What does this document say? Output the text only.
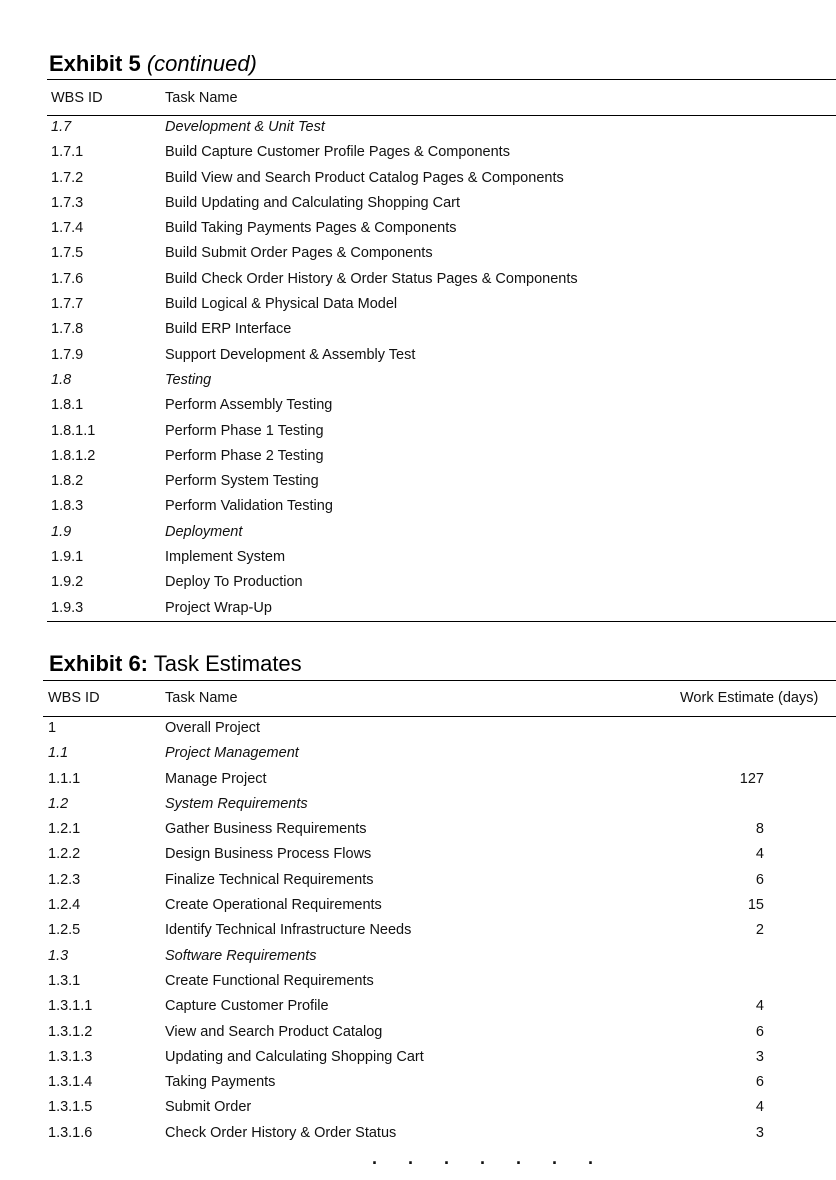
Exhibit 5 (continued)
WBS ID	Task Name
1.7	Development & Unit Test
1.7.1	Build Capture Customer Profile Pages & Components
1.7.2	Build View and Search Product Catalog Pages & Components
1.7.3	Build Updating and Calculating Shopping Cart
1.7.4	Build Taking Payments Pages & Components
1.7.5	Build Submit Order Pages & Components
1.7.6	Build Check Order History & Order Status Pages & Components
1.7.7	Build Logical & Physical Data Model
1.7.8	Build ERP Interface
1.7.9	Support Development & Assembly Test
1.8	Testing
1.8.1	Perform Assembly Testing
1.8.1.1	Perform Phase 1 Testing
1.8.1.2	Perform Phase 2 Testing
1.8.2	Perform System Testing
1.8.3	Perform Validation Testing
1.9	Deployment
1.9.1	Implement System
1.9.2	Deploy To Production
1.9.3	Project Wrap-Up
Exhibit 6: Task Estimates
WBS ID	Task Name	Work Estimate (days)
1	Overall Project
1.1	Project Management
1.1.1	Manage Project	127
1.2	System Requirements
1.2.1	Gather Business Requirements	8
1.2.2	Design Business Process Flows	4
1.2.3	Finalize Technical Requirements	6
1.2.4	Create Operational Requirements	15
1.2.5	Identify Technical Infrastructure Needs	2
1.3	Software Requirements
1.3.1	Create Functional Requirements
1.3.1.1	Capture Customer Profile	4
1.3.1.2	View and Search Product Catalog	6
1.3.1.3	Updating and Calculating Shopping Cart	3
1.3.1.4	Taking Payments	6
1.3.1.5	Submit Order	4
1.3.1.6	Check Order History & Order Status	3
. . . . . . .
